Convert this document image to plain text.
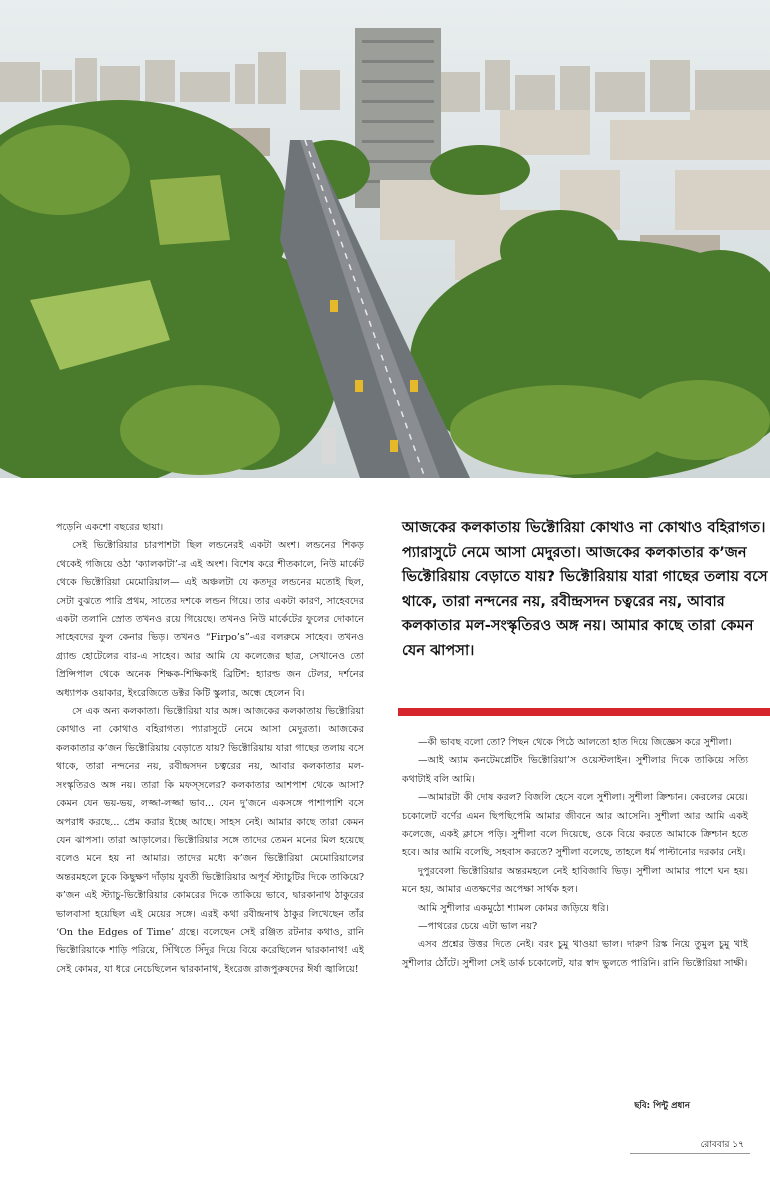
পড়েনি একশো বছরের ছায়া।

সেই ভিক্টোরিয়ার চারপাশটা ছিল লন্ডনেরই একটা অংশ। লন্ডনের শিকড় থেকেই গজিয়ে ওঠা ‘ক্যালকাটা’-র এই অংশ। বিশেষ করে শীতকালে, নিউ মার্কেট থেকে ভিক্টোরিয়া মেমোরিয়াল— এই অঞ্চলটা যে কতদূর লন্ডনের মতোই ছিল, সেটা বুঝতে পারি প্রথম, সাতের দশকে লন্ডন গিয়ে। তার একটা কারণ, সাহেবদের একটা তলানি স্রোত তখনও রয়ে গিয়েছে। তখনও নিউ মার্কেটের ফুলের দোকানে সাহেবদের ফুল কেনার ভিড়। তখনও “Firpo’s”-এর বলরুমে সাহেব। তখনও গ্র্যান্ড হোটেলের বার-এ সাহেব। আর আমি যে কলেজের ছাত্র, সেখানেও তো প্রিন্সিপাল থেকে অনেক শিক্ষক-শিক্ষিকাই ব্রিটিশ: হ্যারল্ড জন টেলর, দর্শনের অধ্যাপক ওয়াকার, ইংরেজিতে ডক্টর কিটি স্কুলার, অন্ধে হেলেন বি।

সে এক অন্য কলকাতা। ভিক্টোরিয়া যার অঙ্গ। আজকের কলকাতায় ভিক্টোরিয়া কোথাও না কোথাও বহিরাগত। প্যারাসুটে নেমে আসা মেদুরতা। আজকের কলকাতার ক’জন ভিক্টোরিয়ায় বেড়াতে যায়? ভিক্টোরিয়ায় যারা গাছের তলায় বসে থাকে, তারা নন্দনের নয়, রবীন্দ্রসদন চত্বরের নয়, আবার কলকাতার মল-সংস্কৃতিরও অঙ্গ নয়। তারা কি মফস্সলের? কলকাতার আশপাশ থেকে আসা? কেমন যেন ভয়-ভয়, লজ্জা-লজ্জা ভাব... যেন দু’জনে একসঙ্গে পাশাপাশি বসে অপরাধ করছে... প্রেম করার ইচ্ছে আছে। সাহস নেই। আমার কাছে তারা কেমন যেন ঝাপসা। তারা আড়ালের। ভিক্টোরিয়ার সঙ্গে তাদের তেমন মনের মিল হয়েছে বলেও মনে হয় না আমার। তাদের মধ্যে ক’জন ভিক্টোরিয়া মেমোরিয়ালের অন্তরমহলে ঢুকে কিছুক্ষণ দাঁড়ায় যুবতী ভিক্টোরিয়ার অপূর্ব স্ট্যাচুটির দিকে তাকিয়ে? ক’জন এই স্ট্যাচু-ভিক্টোরিয়ার কোমরের দিকে তাকিয়ে ভাবে, দ্বারকানাথ ঠাকুরের ভালবাসা হয়েছিল এই মেয়ের সঙ্গে। এরই কথা রবীন্দ্রনাথ ঠাকুর লিখেছেন তাঁর ‘On the Edges of Time’ গ্রন্থে। বলেছেন সেই রঞ্জিত রটনার কথাও, রানি ভিক্টোরিয়াকে শাড়ি পরিয়ে, সিঁথিতে সিঁদুর দিয়ে বিয়ে করেছিলেন দ্বারকানাথ! এই সেই কোমর, যা ধরে নেচেছিলেন দ্বারকানাথ, ইংরেজ রাজপুরুষদের ঈর্ষা জ্বালিয়ে!

আজকের কলকাতায় ভিক্টোরিয়া কোথাও না কোথাও বহিরাগত। প্যারাসুটে নেমে আসা মেদুরতা। আজকের কলকাতার ক’জন ভিক্টোরিয়ায় বেড়াতে যায়? ভিক্টোরিয়ায় যারা গাছের তলায় বসে থাকে, তারা নন্দনের নয়, রবীন্দ্রসদন চত্বরের নয়, আবার কলকাতার মল-সংস্কৃতিরও অঙ্গ নয়। আমার কাছে তারা কেমন যেন ঝাপসা।

—কী ভাবছ বলো তো? পিছন থেকে পিঠে আলতো হাত দিয়ে জিজ্ঞেস করে সুশীলা।

—আই অ্যাম কনটেমপ্লেটিং ভিক্টোরিয়া’স ওয়েস্টলাইন। সুশীলার দিকে তাকিয়ে সত্যি কথাটাই বলি আমি।

—আমারটা কী দোষ করল? বিজলি হেসে বলে সুশীলা। সুশীলা ক্রিশ্চান। কেরলের মেয়ে। চকোলেট বর্ণের এমন ছিপছিপেমি আমার জীবনে আর আসেনি। সুশীলা আর আমি একই কলেজে, একই ক্লাসে পড়ি। সুশীলা বলে দিয়েছে, ওকে বিয়ে করতে আমাকে ক্রিশ্চান হতে হবে। আর আমি বলেছি, সহবাস করতে? সুশীলা বলেছে, তাহলে ধর্ম পাল্টানোর দরকার নেই।

দুপুরবেলা ভিক্টোরিয়ার অন্তরমহলে নেই হাবিজাবি ভিড়। সুশীলা আমার পাশে ঘন হয়। মনে হয়, আমার এতক্ষণের অপেক্ষা সার্থক হল।

আমি সুশীলার একমুঠো শ্যামল কোমর জড়িয়ে ধরি।

—পাথরের চেয়ে এটা ভাল নয়?

এসব প্রশ্নের উত্তর দিতে নেই। বরং চুমু খাওয়া ভাল। দারুণ রিস্ক নিয়ে তুমুল চুমু খাই সুশীলার ঠোঁটে। সুশীলা সেই ডার্ক চকোলেট, যার স্বাদ ভুলতে পারিনি। রানি ভিক্টোরিয়া সাক্ষী।

ছবি: পিন্টু প্রধান
রোববার ১৭
